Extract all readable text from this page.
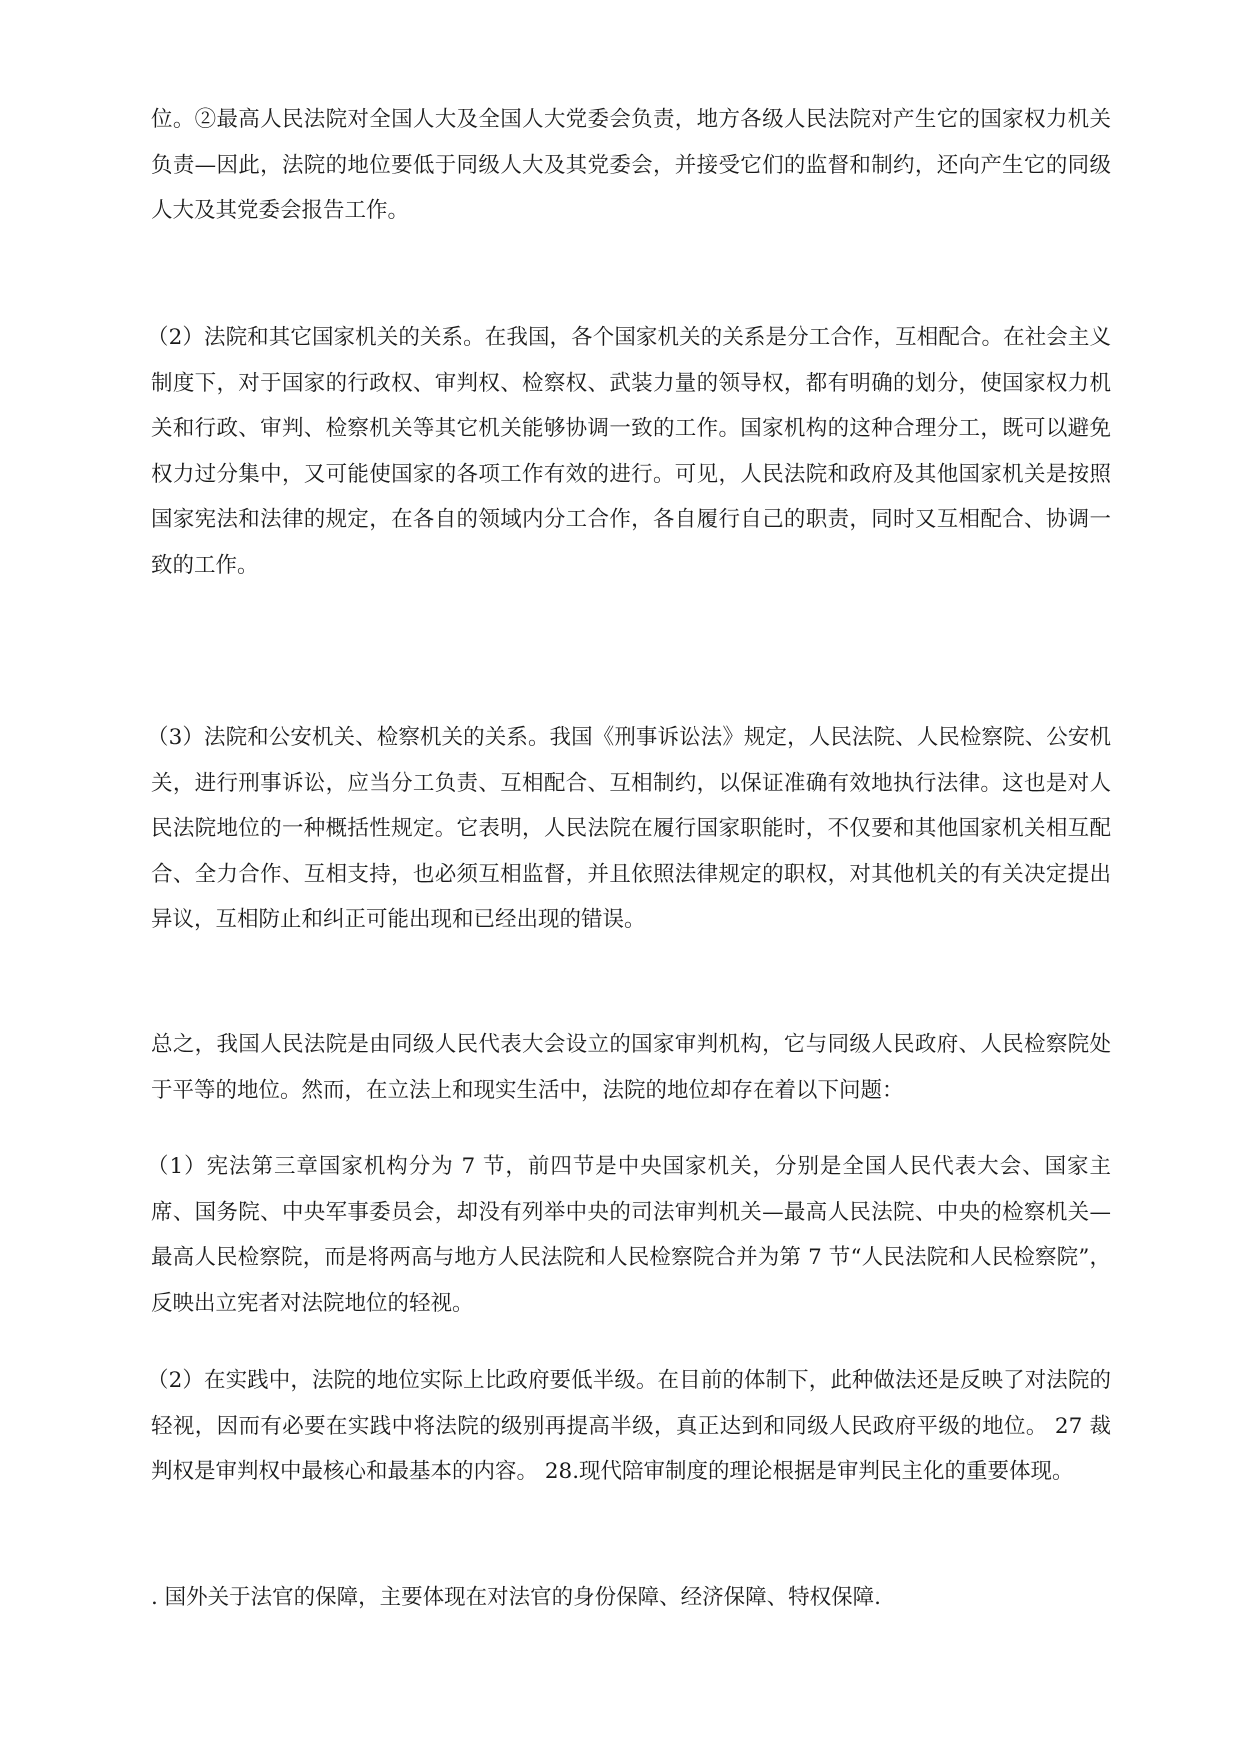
位。②最高人民法院对全国人大及全国人大党委会负责，地方各级人民法院对产生它的国家权力机关负责—因此，法院的地位要低于同级人大及其党委会，并接受它们的监督和制约，还向产生它的同级人大及其党委会报告工作。

（2）法院和其它国家机关的关系。在我国，各个国家机关的关系是分工合作，互相配合。在社会主义制度下，对于国家的行政权、审判权、检察权、武装力量的领导权，都有明确的划分，使国家权力机关和行政、审判、检察机关等其它机关能够协调一致的工作。国家机构的这种合理分工，既可以避免权力过分集中，又可能使国家的各项工作有效的进行。可见，人民法院和政府及其他国家机关是按照国家宪法和法律的规定，在各自的领域内分工合作，各自履行自己的职责，同时又互相配合、协调一致的工作。

（3）法院和公安机关、检察机关的关系。我国《刑事诉讼法》规定，人民法院、人民检察院、公安机关，进行刑事诉讼，应当分工负责、互相配合、互相制约，以保证准确有效地执行法律。这也是对人民法院地位的一种概括性规定。它表明，人民法院在履行国家职能时，不仅要和其他国家机关相互配合、全力合作、互相支持，也必须互相监督，并且依照法律规定的职权，对其他机关的有关决定提出异议，互相防止和纠正可能出现和已经出现的错误。

总之，我国人民法院是由同级人民代表大会设立的国家审判机构，它与同级人民政府、人民检察院处于平等的地位。然而，在立法上和现实生活中，法院的地位却存在着以下问题：

（1）宪法第三章国家机构分为 7 节，前四节是中央国家机关，分别是全国人民代表大会、国家主席、国务院、中央军事委员会，却没有列举中央的司法审判机关—最高人民法院、中央的检察机关—最高人民检察院，而是将两高与地方人民法院和人民检察院合并为第 7 节“人民法院和人民检察院”，反映出立宪者对法院地位的轻视。

（2）在实践中，法院的地位实际上比政府要低半级。在目前的体制下，此种做法还是反映了对法院的轻视，因而有必要在实践中将法院的级别再提高半级，真正达到和同级人民政府平级的地位。 27 裁判权是审判权中最核心和最基本的内容。 28.现代陪审制度的理论根据是审判民主化的重要体现。

. 国外关于法官的保障，主要体现在对法官的身份保障、经济保障、特权保障.
